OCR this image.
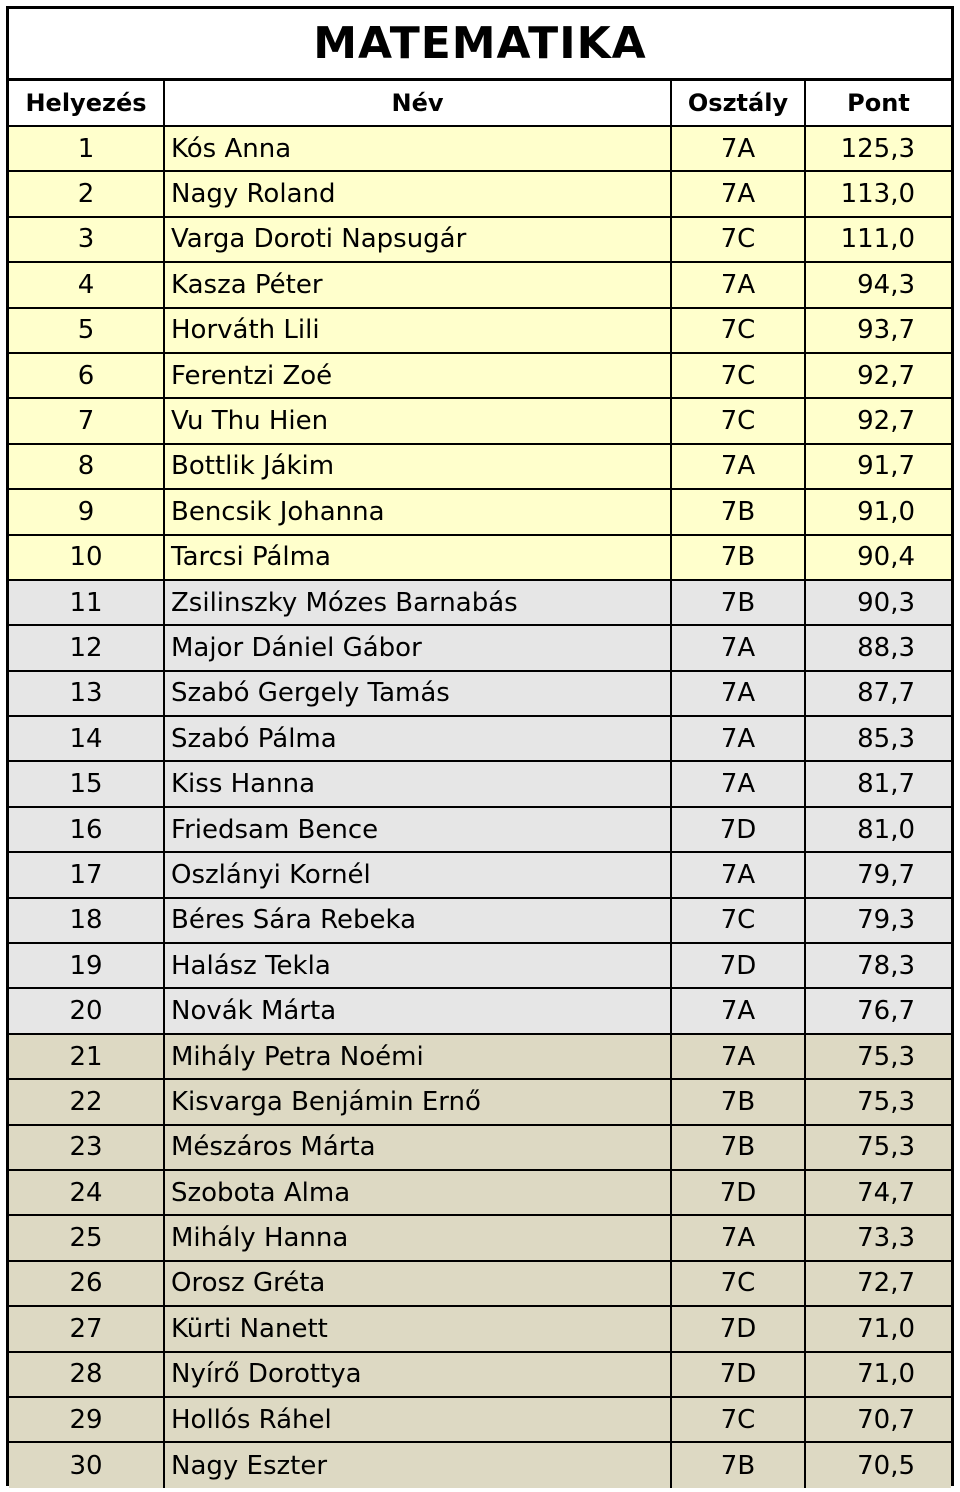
MATEMATIKA
Helyezés	Név	Osztály	Pont
1	Kós Anna	7A	125,3
2	Nagy Roland	7A	113,0
3	Varga Doroti Napsugár	7C	111,0
4	Kasza Péter	7A	94,3
5	Horváth Lili	7C	93,7
6	Ferentzi Zoé	7C	92,7
7	Vu Thu Hien	7C	92,7
8	Bottlik Jákim	7A	91,7
9	Bencsik Johanna	7B	91,0
10	Tarcsi Pálma	7B	90,4
11	Zsilinszky Mózes Barnabás	7B	90,3
12	Major Dániel Gábor	7A	88,3
13	Szabó Gergely Tamás	7A	87,7
14	Szabó Pálma	7A	85,3
15	Kiss Hanna	7A	81,7
16	Friedsam Bence	7D	81,0
17	Oszlányi Kornél	7A	79,7
18	Béres Sára Rebeka	7C	79,3
19	Halász Tekla	7D	78,3
20	Novák Márta	7A	76,7
21	Mihály Petra Noémi	7A	75,3
22	Kisvarga Benjámin Ernő	7B	75,3
23	Mészáros Márta	7B	75,3
24	Szobota Alma	7D	74,7
25	Mihály Hanna	7A	73,3
26	Orosz Gréta	7C	72,7
27	Kürti Nanett	7D	71,0
28	Nyírő Dorottya	7D	71,0
29	Hollós Ráhel	7C	70,7
30	Nagy Eszter	7B	70,5
